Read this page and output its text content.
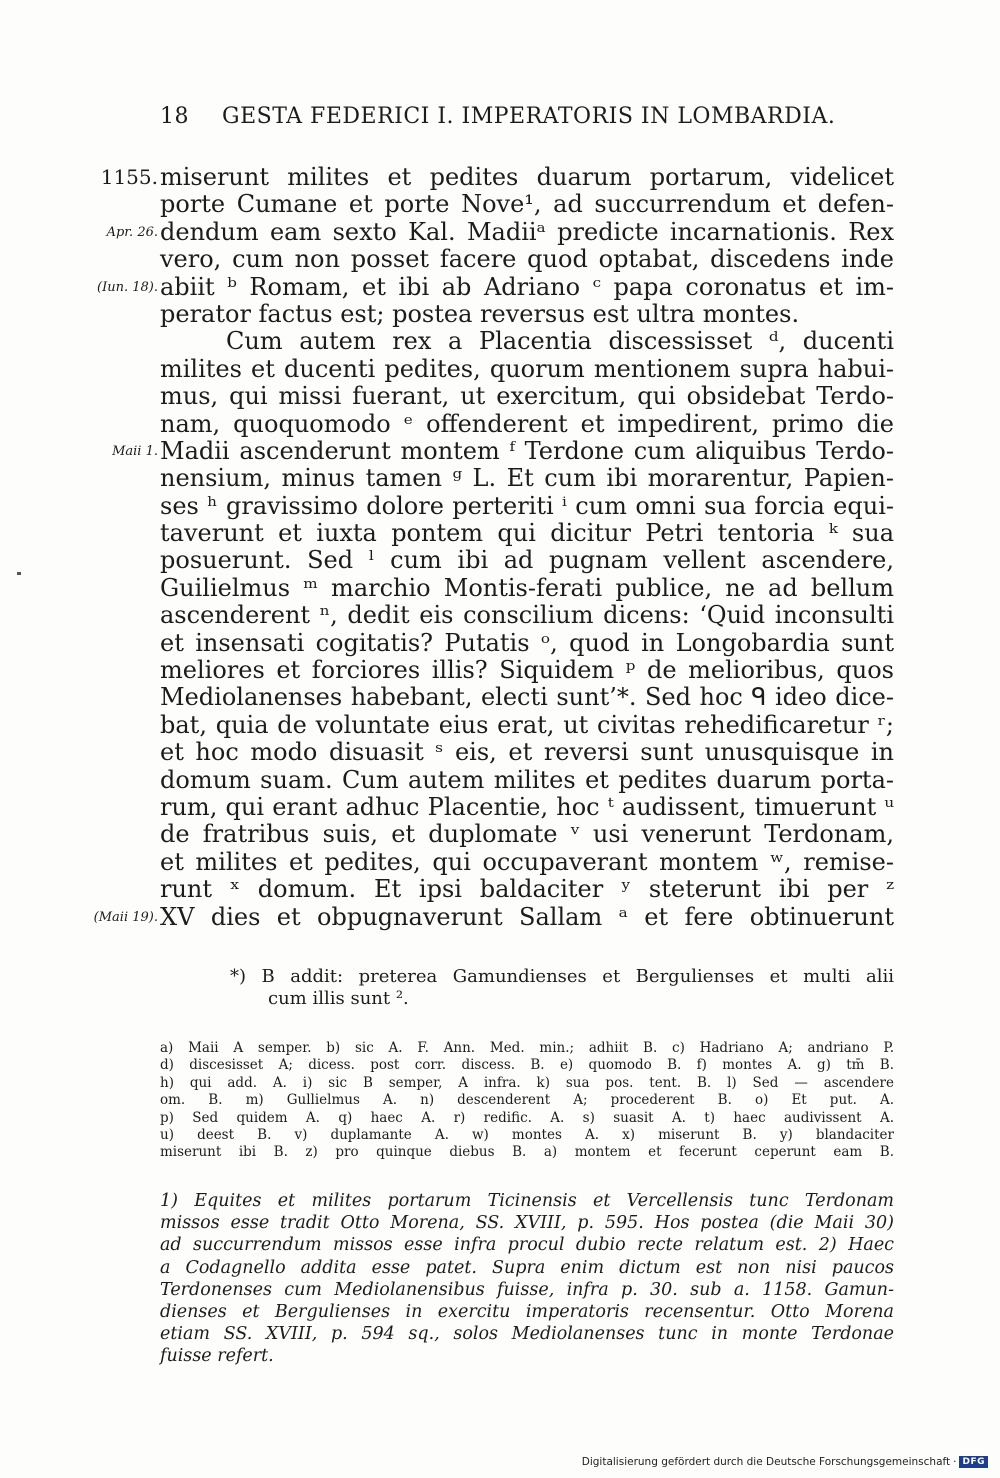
18 GESTA FEDERICI I. IMPERATORIS IN LOMBARDIA.
1155. miserunt milites et pedites duarum portarum, videlicet
porte Cumane et porte Nove¹, ad succurrendum et defen-
Apr. 26. dendum eam sexto Kal. Madiiᵃ predicte incarnationis. Rex
vero, cum non posset facere quod optabat, discedens inde
(Iun. 18). abiit ᵇ Romam, et ibi ab Adriano ᶜ papa coronatus et im-
perator factus est; postea reversus est ultra montes.
Cum autem rex a Placentia discessisset ᵈ, ducenti
milites et ducenti pedites, quorum mentionem supra habui-
mus, qui missi fuerant, ut exercitum, qui obsidebat Terdo-
nam, quoquomodo ᵉ offenderent et impedirent, primo die
Maii 1. Madii ascenderunt montem ᶠ Terdone cum aliquibus Terdo-
nensium, minus tamen ᵍ L. Et cum ibi morarentur, Papien-
ses ʰ gravissimo dolore perteriti ⁱ cum omni sua forcia equi-
taverunt et iuxta pontem qui dicitur Petri tentoria ᵏ sua
posuerunt. Sed ˡ cum ibi ad pugnam vellent ascendere,
Guilielmus ᵐ marchio Montis-ferati publice, ne ad bellum
ascenderent ⁿ, dedit eis conscilium dicens: ‘Quid inconsulti
et insensati cogitatis? Putatis ᵒ, quod in Longobardia sunt
meliores et forciores illis? Siquidem ᵖ de melioribus, quos
Mediolanenses habebant, electi sunt’*. Sed hoc ᑫ ideo dice-
bat, quia de voluntate eius erat, ut civitas rehedificaretur ʳ;
et hoc modo disuasit ˢ eis, et reversi sunt unusquisque in
domum suam. Cum autem milites et pedites duarum porta-
rum, qui erant adhuc Placentie, hoc ᵗ audissent, timuerunt ᵘ
de fratribus suis, et duplomate ᵛ usi venerunt Terdonam,
et milites et pedites, qui occupaverant montem ʷ, remise-
runt ˣ domum. Et ipsi baldaciter ʸ steterunt ibi per ᶻ
(Maii 19). XV dies et obpugnaverunt Sallam ᵃ et fere obtinuerunt
*) B addit: preterea Gamundienses et Bergulienses et multi alii
cum illis sunt ².
a) Maii A semper. b) sic A. F. Ann. Med. min.; adhiit B. c) Hadriano A; andriano P.
d) discesisset A; dicess. post corr. discess. B. e) quomodo B. f) montes A. g) tm̄ B.
h) qui add. A. i) sic B semper, A infra. k) sua pos. tent. B. l) Sed — ascendere
om. B. m) Gullielmus A. n) descenderent A; procederent B. o) Et put. A.
p) Sed quidem A. q) haec A. r) redific. A. s) suasit A. t) haec audivissent A.
u) deest B. v) duplamante A. w) montes A. x) miserunt B. y) blandaciter
miserunt ibi B. z) pro quinque diebus B. a) montem et fecerunt ceperunt eam B.
1) Equites et milites portarum Ticinensis et Vercellensis tunc Terdonam
missos esse tradit Otto Morena, SS. XVIII, p. 595. Hos postea (die Maii 30)
ad succurrendum missos esse infra procul dubio recte relatum est. 2) Haec
a Codagnello addita esse patet. Supra enim dictum est non nisi paucos
Terdonenses cum Mediolanensibus fuisse, infra p. 30. sub a. 1158. Gamun-
dienses et Bergulienses in exercitu imperatoris recensentur. Otto Morena
etiam SS. XVIII, p. 594 sq., solos Mediolanenses tunc in monte Terdonae
fuisse refert.
Digitalisierung gefördert durch die Deutsche Forschungsgemeinschaft · DFG
